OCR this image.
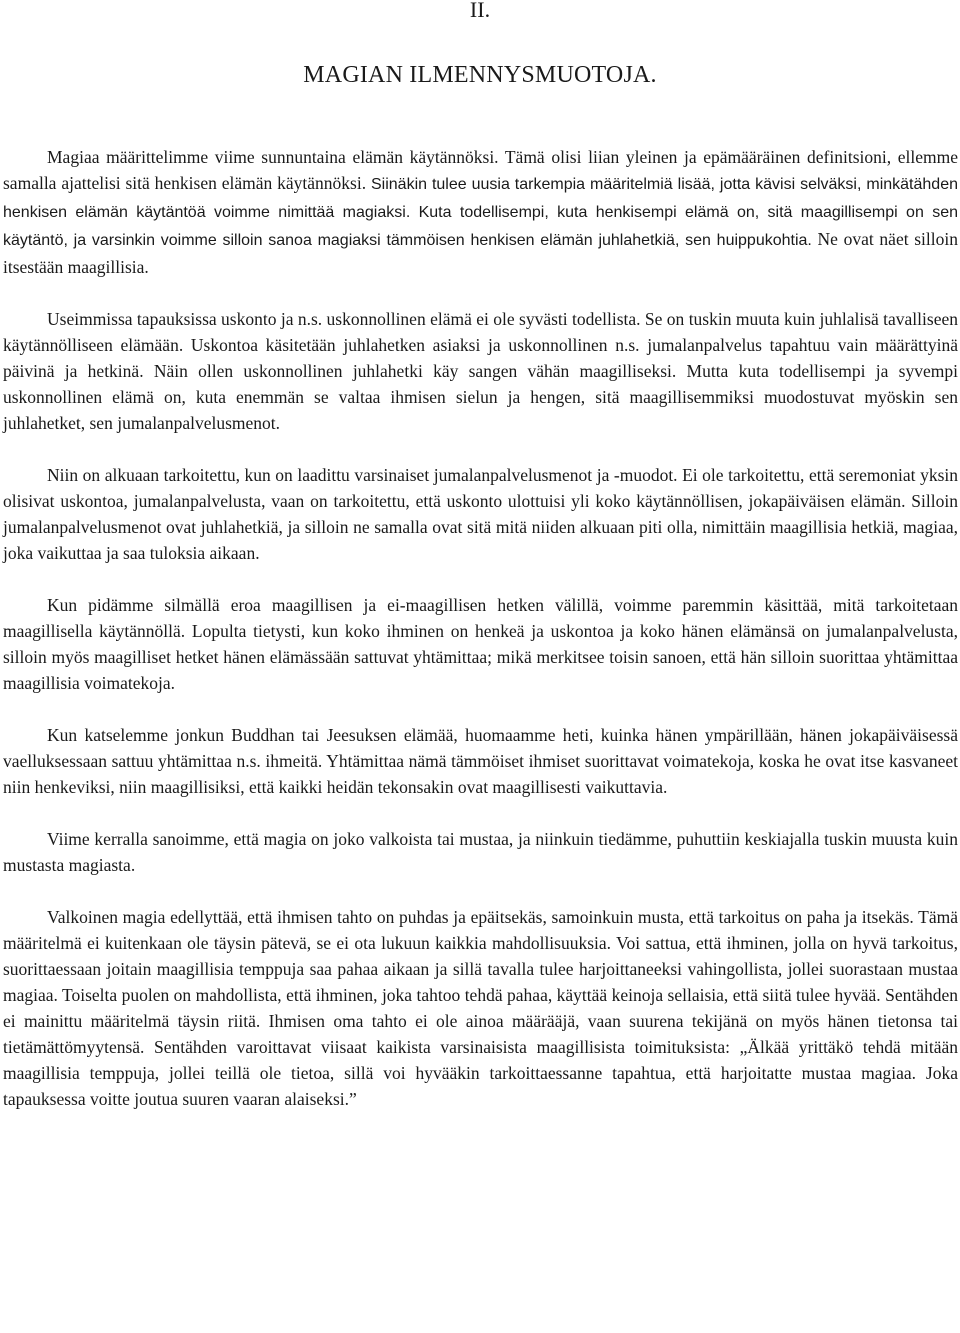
II.
MAGIAN ILMENNYSMUOTOJA.

Magiaa määrittelimme viime sunnuntaina elämän käytännöksi. Tämä olisi liian yleinen ja epämääräinen definitsioni, ellemme samalla ajattelisi sitä henkisen elämän käytännöksi. Siinäkin tulee uusia tarkempia määritelmiä lisää, jotta kävisi selväksi, minkätähden henkisen elämän käytäntöä voimme nimittää magiaksi. Kuta todellisempi, kuta henkisempi elämä on, sitä maagillisempi on sen käytäntö, ja varsinkin voimme silloin sanoa magiaksi tämmöisen henkisen elämän juhlahetkiä, sen huippukohtia. Ne ovat näet silloin itsestään maagillisia.

Useimmissa tapauksissa uskonto ja n.s. uskonnollinen elämä ei ole syvästi todellista. Se on tuskin muuta kuin juhlalisä tavalliseen käytännölliseen elämään. Uskontoa käsitetään juhlahetken asiaksi ja uskonnollinen n.s. jumalanpalvelus tapahtuu vain määrättyinä päivinä ja hetkinä. Näin ollen uskonnollinen juhlahetki käy sangen vähän maagilliseksi. Mutta kuta todellisempi ja syvempi uskonnollinen elämä on, kuta enemmän se valtaa ihmisen sielun ja hengen, sitä maagillisemmiksi muodostuvat myöskin sen juhlahetket, sen jumalanpalvelusmenot.

Niin on alkuaan tarkoitettu, kun on laadittu varsinaiset jumalanpalvelusmenot ja -muodot. Ei ole tarkoitettu, että seremoniat yksin olisivat uskontoa, jumalanpalvelusta, vaan on tarkoitettu, että uskonto ulottuisi yli koko käytännöllisen, jokapäiväisen elämän. Silloin jumalanpalvelusmenot ovat juhlahetkiä, ja silloin ne samalla ovat sitä mitä niiden alkuaan piti olla, nimittäin maagillisia hetkiä, magiaa, joka vaikuttaa ja saa tuloksia aikaan.

Kun pidämme silmällä eroa maagillisen ja ei-maagillisen hetken välillä, voimme paremmin käsittää, mitä tarkoitetaan maagillisella käytännöllä. Lopulta tietysti, kun koko ihminen on henkeä ja uskontoa ja koko hänen elämänsä on jumalanpalvelusta, silloin myös maagilliset hetket hänen elämässään sattuvat yhtämittaa; mikä merkitsee toisin sanoen, että hän silloin suorittaa yhtämittaa maagillisia voimatekoja.

Kun katselemme jonkun Buddhan tai Jeesuksen elämää, huomaamme heti, kuinka hänen ympärillään, hänen jokapäiväisessä vaelluksessaan sattuu yhtämittaa n.s. ihmeitä. Yhtämittaa nämä tämmöiset ihmiset suorittavat voimatekoja, koska he ovat itse kasvaneet niin henkeviksi, niin maagillisiksi, että kaikki heidän tekonsakin ovat maagillisesti vaikuttavia.

Viime kerralla sanoimme, että magia on joko valkoista tai mustaa, ja niinkuin tiedämme, puhuttiin keskiajalla tuskin muusta kuin mustasta magiasta.

Valkoinen magia edellyttää, että ihmisen tahto on puhdas ja epäitsekäs, samoinkuin musta, että tarkoitus on paha ja itsekäs. Tämä määritelmä ei kuitenkaan ole täysin pätevä, se ei ota lukuun kaikkia mahdollisuuksia. Voi sattua, että ihminen, jolla on hyvä tarkoitus, suorittaessaan joitain maagillisia temppuja saa pahaa aikaan ja sillä tavalla tulee harjoittaneeksi vahingollista, jollei suorastaan mustaa magiaa. Toiselta puolen on mahdollista, että ihminen, joka tahtoo tehdä pahaa, käyttää keinoja sellaisia, että siitä tulee hyvää. Sentähden ei mainittu määritelmä täysin riitä. Ihmisen oma tahto ei ole ainoa määrääjä, vaan suurena tekijänä on myös hänen tietonsa tai tietämättömyytensä. Sentähden varoittavat viisaat kaikista varsinaisista maagillisista toimituksista: „Älkää yrittäkö tehdä mitään maagillisia temppuja, jollei teillä ole tietoa, sillä voi hyvääkin tarkoittaessanne tapahtua, että harjoitatte mustaa magiaa. Joka tapauksessa voitte joutua suuren vaaran alaiseksi.”
